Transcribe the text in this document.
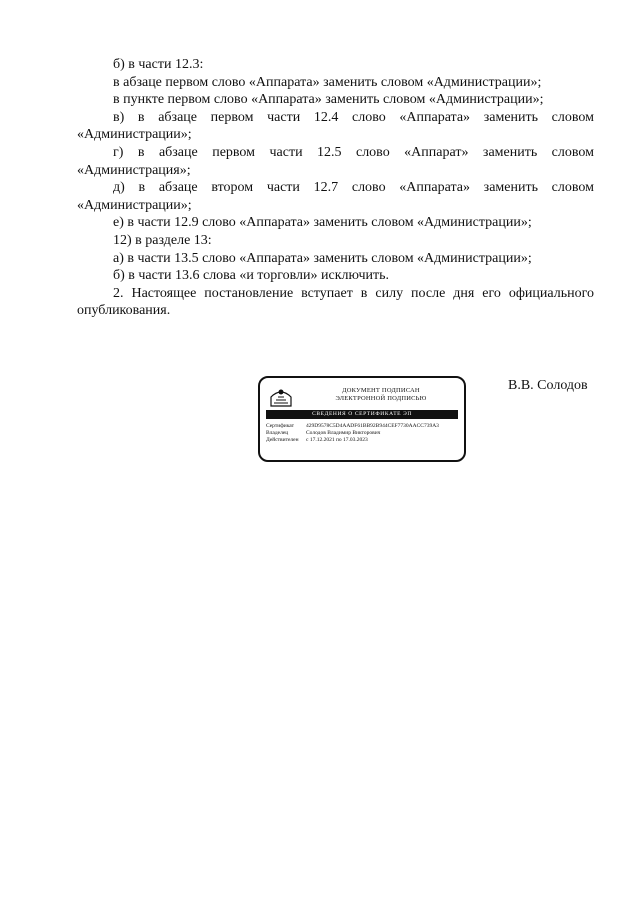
б) в части 12.3:

в абзаце первом слово «Аппарата» заменить словом «Администрации»;

в пункте первом слово «Аппарата» заменить словом «Администрации»;

в) в абзаце первом части 12.4 слово «Аппарата» заменить словом «Администрации»;

г) в абзаце первом части 12.5 слово «Аппарат» заменить словом «Администрация»;

д) в абзаце втором части 12.7 слово «Аппарата» заменить словом «Администрации»;

е) в части 12.9 слово «Аппарата» заменить словом «Администрации»;

12) в разделе 13:

а) в части 13.5 слово «Аппарата» заменить словом «Администрации»;

б) в части 13.6 слова «и торговли» исключить.

2. Настоящее постановление вступает в силу после дня его официального опубликования.

ДОКУМЕНТ ПОДПИСАН
ЭЛЕКТРОННОЙ ПОДПИСЬЮ
СВЕДЕНИЯ О СЕРТИФИКАТЕ ЭП
Сертификат 429D9578C5D4AADF61BB92B944CEF7730AACC739A3
Владелец	Солодов Владимир Викторович
Действителен с 17.12.2021 по 17.03.2023
В.В. Солодов
